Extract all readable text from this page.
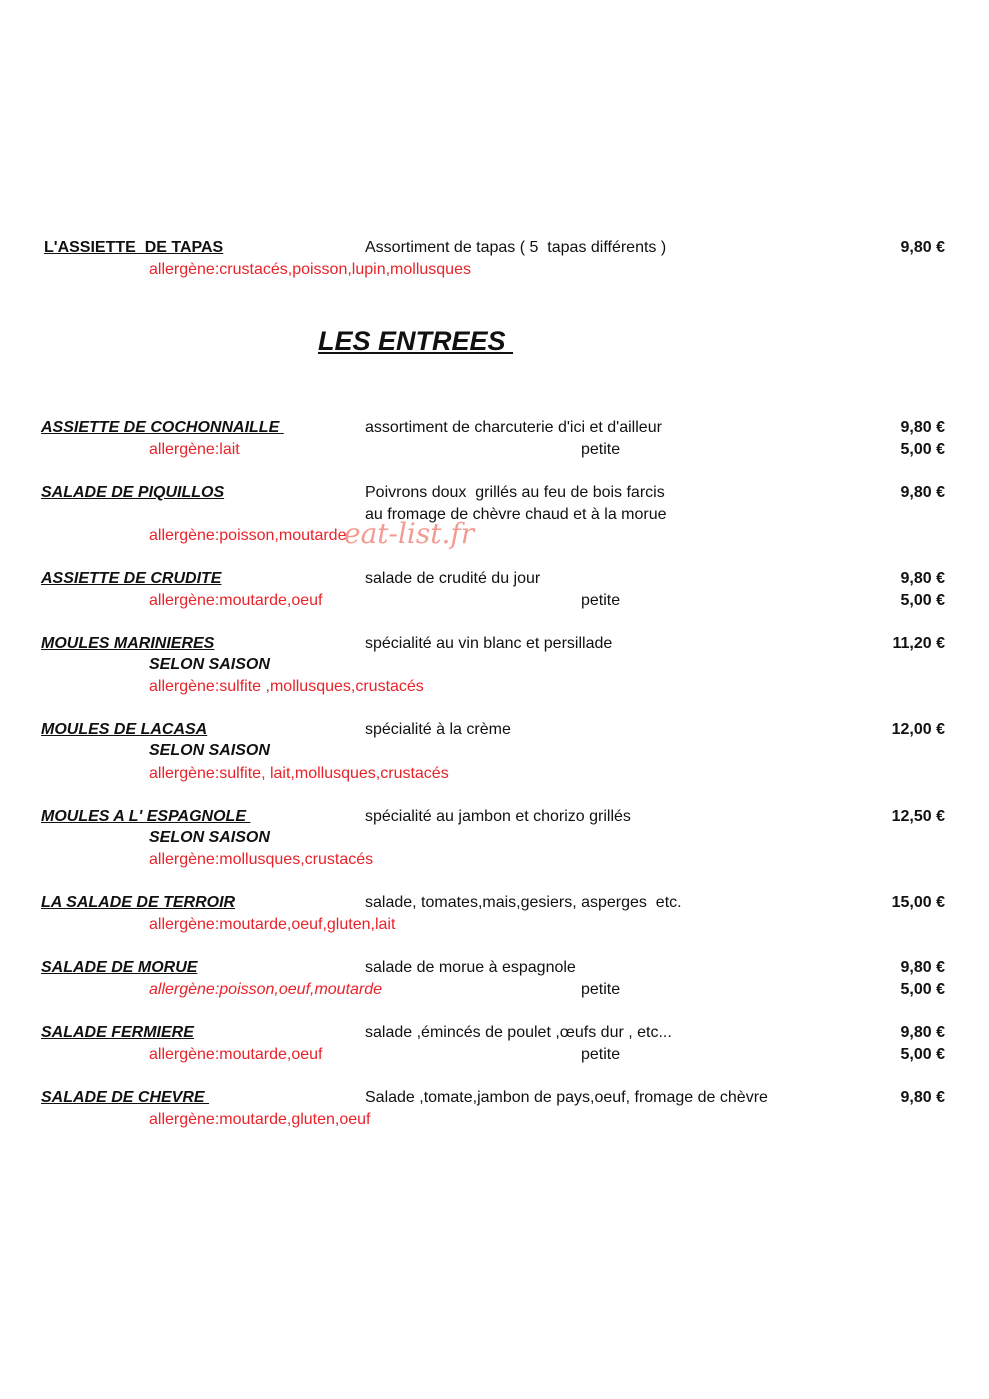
L'ASSIETTE  DE TAPAS	Assortiment de tapas ( 5  tapas différents )	9,80 €
allergène:crustacés,poisson,lupin,mollusques
LES ENTREES
ASSIETTE DE COCHONNAILLE	assortiment de charcuterie d'ici et d'ailleur	9,80 €
allergène:lait	petite	5,00 €
SALADE DE PIQUILLOS	Poivrons doux  grillés au feu de bois farcis	9,80 €
au fromage de chèvre chaud et à la morue
allergène:poisson,moutarde
eat-list.fr
ASSIETTE DE CRUDITE	salade de crudité du jour	9,80 €
allergène:moutarde,oeuf	petite	5,00 €
MOULES MARINIERES	spécialité au vin blanc et persillade	11,20 €
SELON SAISON
allergène:sulfite ,mollusques,crustacés
MOULES DE LACASA	spécialité à la crème	12,00 €
SELON SAISON
allergène:sulfite, lait,mollusques,crustacés
MOULES A L' ESPAGNOLE	spécialité au jambon et chorizo grillés	12,50 €
SELON SAISON
allergène:mollusques,crustacés
LA SALADE DE TERROIR	salade, tomates,mais,gesiers, asperges  etc.	15,00 €
allergène:moutarde,oeuf,gluten,lait
SALADE DE MORUE	salade de morue à espagnole	9,80 €
allergène:poisson,oeuf,moutarde	petite	5,00 €
SALADE FERMIERE	salade ,émincés de poulet ,œufs dur , etc...	9,80 €
allergène:moutarde,oeuf	petite	5,00 €
SALADE DE CHEVRE	Salade ,tomate,jambon de pays,oeuf, fromage de chèvre	9,80 €
allergène:moutarde,gluten,oeuf
